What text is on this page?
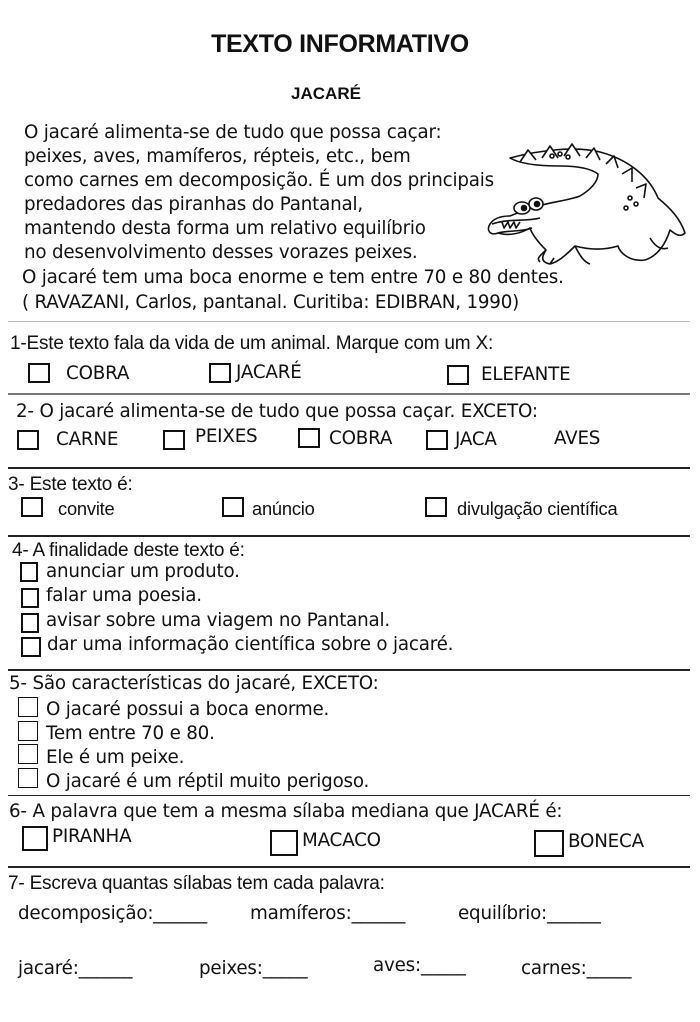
TEXTO INFORMATIVO
JACARÉ
O jacaré alimenta-se de tudo que possa caçar:
peixes, aves, mamíferos, répteis, etc., bem
como carnes em decomposição. É um dos principais
predadores das piranhas do Pantanal,
mantendo desta forma um relativo equilíbrio
no desenvolvimento desses vorazes peixes.
O jacaré tem uma boca enorme e tem entre 70 e 80 dentes.
( RAVAZANI, Carlos, pantanal. Curitiba: EDIBRAN, 1990)
1-Este texto fala da vida de um animal. Marque com um X:
COBRA	JACARÉ	ELEFANTE
2- O jacaré alimenta-se de tudo que possa caçar. EXCETO:
CARNE	PEIXES	COBRA	JACA	AVES
3- Este texto é:
convite	anúncio	divulgação científica
4- A finalidade deste texto é:
anunciar um produto.
falar uma poesia.
avisar sobre uma viagem no Pantanal.
dar uma informação científica sobre o jacaré.
5- São características do jacaré, EXCETO:
O jacaré possui a boca enorme.
Tem entre 70 e 80.
Ele é um peixe.
O jacaré é um réptil muito perigoso.
6- A palavra que tem a mesma sílaba mediana que JACARÉ é:
PIRANHA	MACACO	BONECA
7- Escreva quantas sílabas tem cada palavra:
decomposição:______ mamíferos:______	equilíbrio:______
jacaré:______	peixes:_____	aves:_____	carnes:_____
